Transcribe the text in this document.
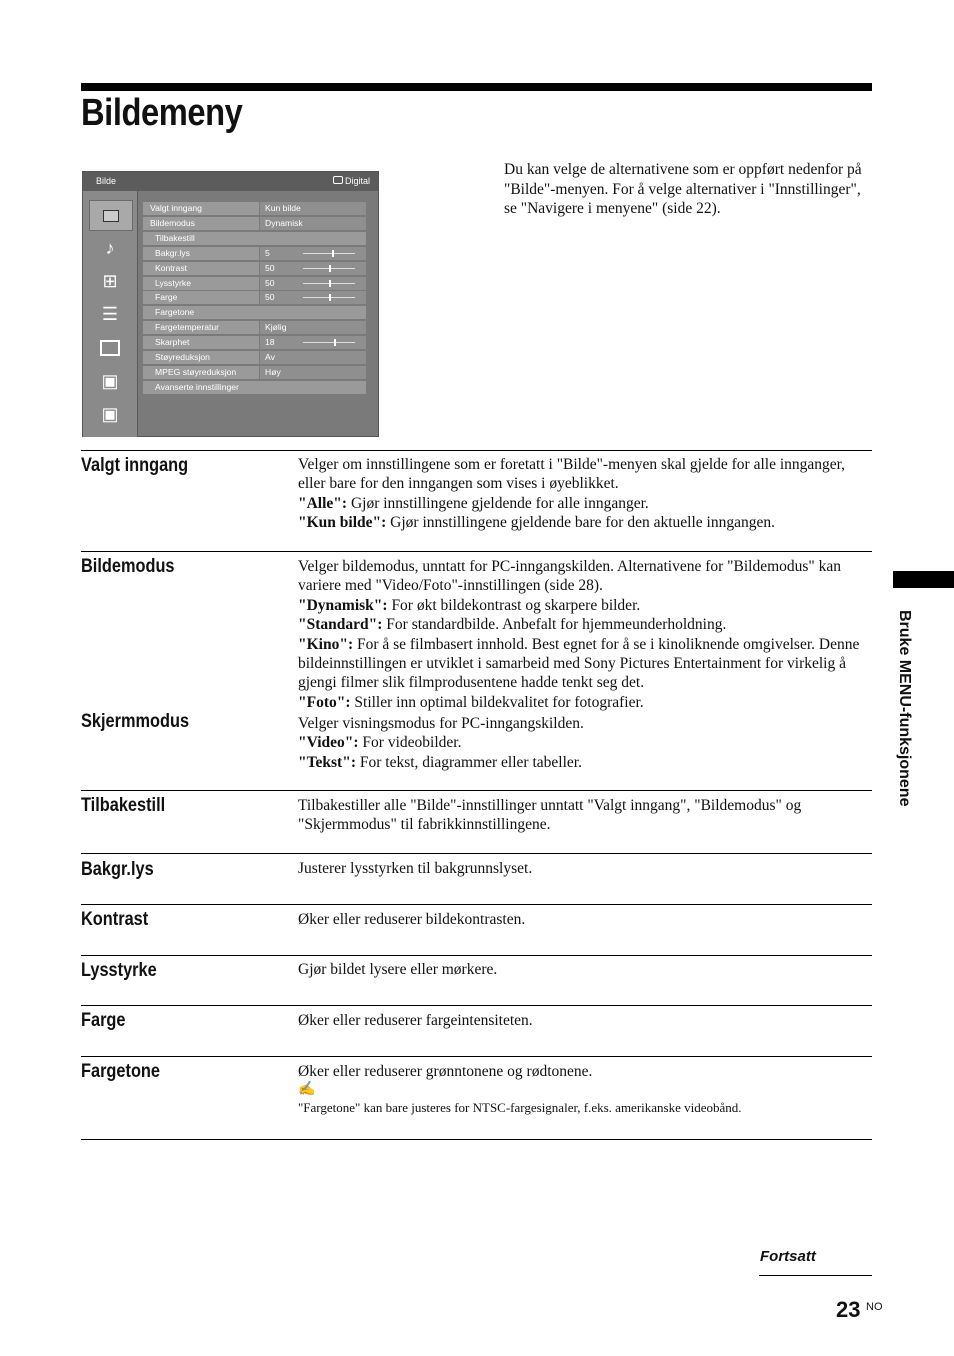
Bildemeny
Du kan velge de alternativene som er oppført nedenfor på "Bilde"-menyen. For å velge alternativer i "Innstillinger", se "Navigere i menyene" (side 22).
Bilde	Digital
♪
⊞
☰
▣
▣
Valgt inngang	Kun bilde
Bildemodus	Dynamisk
Tilbakestill
Bakgr.lys	5
Kontrast	50
Lysstyrke	50
Farge	50
Fargetone
Fargetemperatur	Kjølig
Skarphet	18
Støyreduksjon	Av
MPEG støyreduksjon	Høy
Avanserte innstillinger
Valgt inngang	Velger om innstillingene som er foretatt i "Bilde"-menyen skal gjelde for alle innganger, eller bare for den inngangen som vises i øyeblikket.
"Alle": Gjør innstillingene gjeldende for alle innganger.
"Kun bilde": Gjør innstillingene gjeldende bare for den aktuelle inngangen.
Bildemodus	Velger bildemodus, unntatt for PC-inngangskilden. Alternativene for "Bildemodus" kan variere med "Video/Foto"-innstillingen (side 28).
"Dynamisk": For økt bildekontrast og skarpere bilder.
"Standard": For standardbilde. Anbefalt for hjemmeunderholdning.
"Kino": For å se filmbasert innhold. Best egnet for å se i kinoliknende omgivelser. Denne bildeinnstillingen er utviklet i samarbeid med Sony Pictures Entertainment for virkelig å gjengi filmer slik filmprodusentene hadde tenkt seg det.
"Foto": Stiller inn optimal bildekvalitet for fotografier.
Skjermmodus	Velger visningsmodus for PC-inngangskilden.
"Video": For videobilder.
"Tekst": For tekst, diagrammer eller tabeller.
Tilbakestill	Tilbakestiller alle "Bilde"-innstillinger unntatt "Valgt inngang", "Bildemodus" og "Skjermmodus" til fabrikkinnstillingene.
Bakgr.lys	Justerer lysstyrken til bakgrunnslyset.
Kontrast	Øker eller reduserer bildekontrasten.
Lysstyrke	Gjør bildet lysere eller mørkere.
Farge	Øker eller reduserer fargeintensiteten.
Fargetone	Øker eller reduserer grønntonene og rødtonene.
✍
"Fargetone" kan bare justeres for NTSC-fargesignaler, f.eks. amerikanske videobånd.
Bruke MENU-funksjonene
Fortsatt
23 NO
